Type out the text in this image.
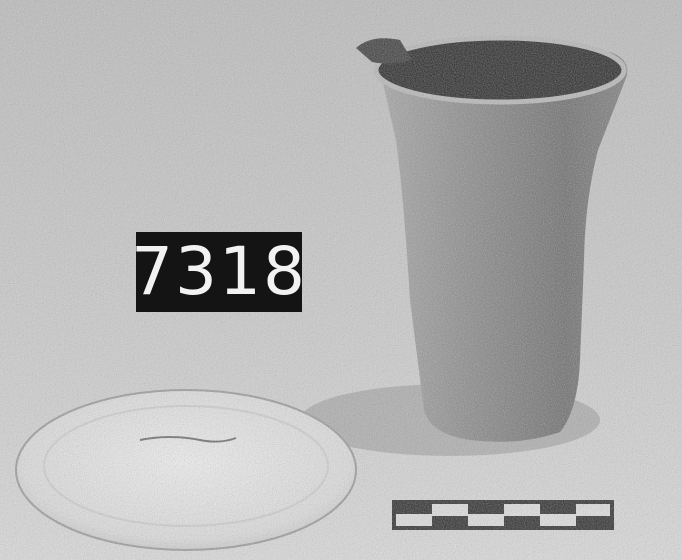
7318
